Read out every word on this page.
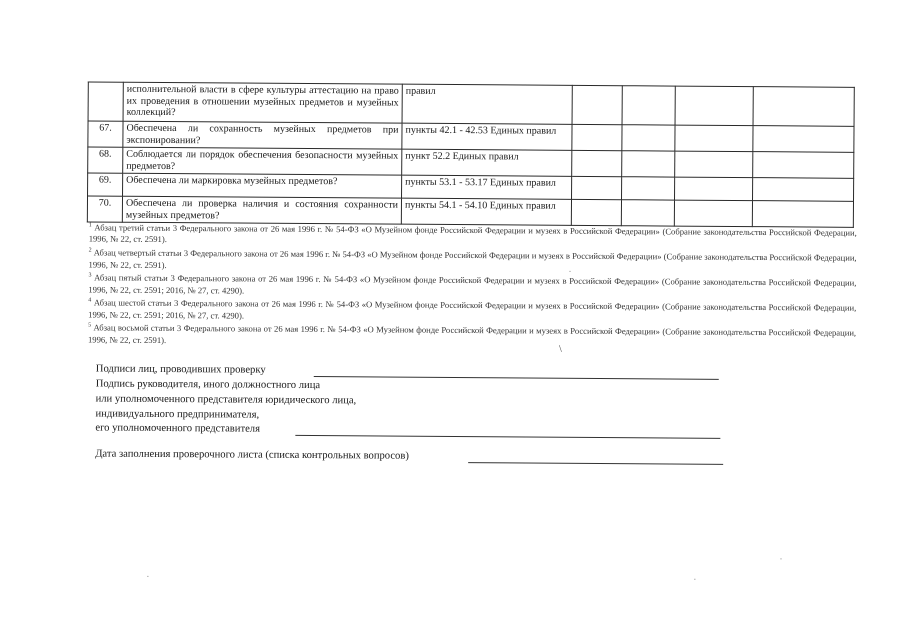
	исполнительной власти в сфере культуры аттестацию на право их проведения в отношении музейных предметов и музейных коллекций?	правил				
67.	Обеспечена ли сохранность музейных предметов при экспонировании?	пункты 42.1 - 42.53 Единых правил				
68.	Соблюдается ли порядок обеспечения безопасности музейных предметов?	пункт 52.2 Единых правил				
69.	Обеспечена ли маркировка музейных предметов?	пункты 53.1 - 53.17 Единых правил				
70.	Обеспечена ли проверка наличия и состояния сохранности музейных предметов?	пункты 54.1 - 54.10 Единых правил				

$^1$ Абзац третий статьи 3 Федерального закона от 26 мая 1996 г. № 54-ФЗ «О Музейном фонде Российской Федерации и музеях в Российской Федерации» (Собрание законодательства Российской Федерации, 1996, № 22, ст. 2591).

$^2$ Абзац четвертый статьи 3 Федерального закона от 26 мая 1996 г. № 54-ФЗ «О Музейном фонде Российской Федерации и музеях в Российской Федерации» (Собрание законодательства Российской Федерации, 1996, № 22, ст. 2591).

$^3$ Абзац пятый статьи 3 Федерального закона от 26 мая 1996 г. № 54-ФЗ «О Музейном фонде Российской Федерации и музеях в Российской Федерации» (Собрание законодательства Российской Федерации, 1996, № 22, ст. 2591; 2016, № 27, ст. 4290).

$^4$ Абзац шестой статьи 3 Федерального закона от 26 мая 1996 г. № 54-ФЗ «О Музейном фонде Российской Федерации и музеях в Российской Федерации» (Собрание законодательства Российской Федерации, 1996, № 22, ст. 2591; 2016, № 27, ст. 4290).

$^5$ Абзац восьмой статьи 3 Федерального закона от 26 мая 1996 г. № 54-ФЗ «О Музейном фонде Российской Федерации и музеях в Российской Федерации» (Собрание законодательства Российской Федерации, 1996, № 22, ст. 2591).

\
Подписи лиц, проводивших проверку
Подпись руководителя, иного должностного лица
или уполномоченного представителя юридического лица,
индивидуального предпринимателя,
его уполномоченного представителя
Дата заполнения проверочного листа (списка контрольных вопросов)
